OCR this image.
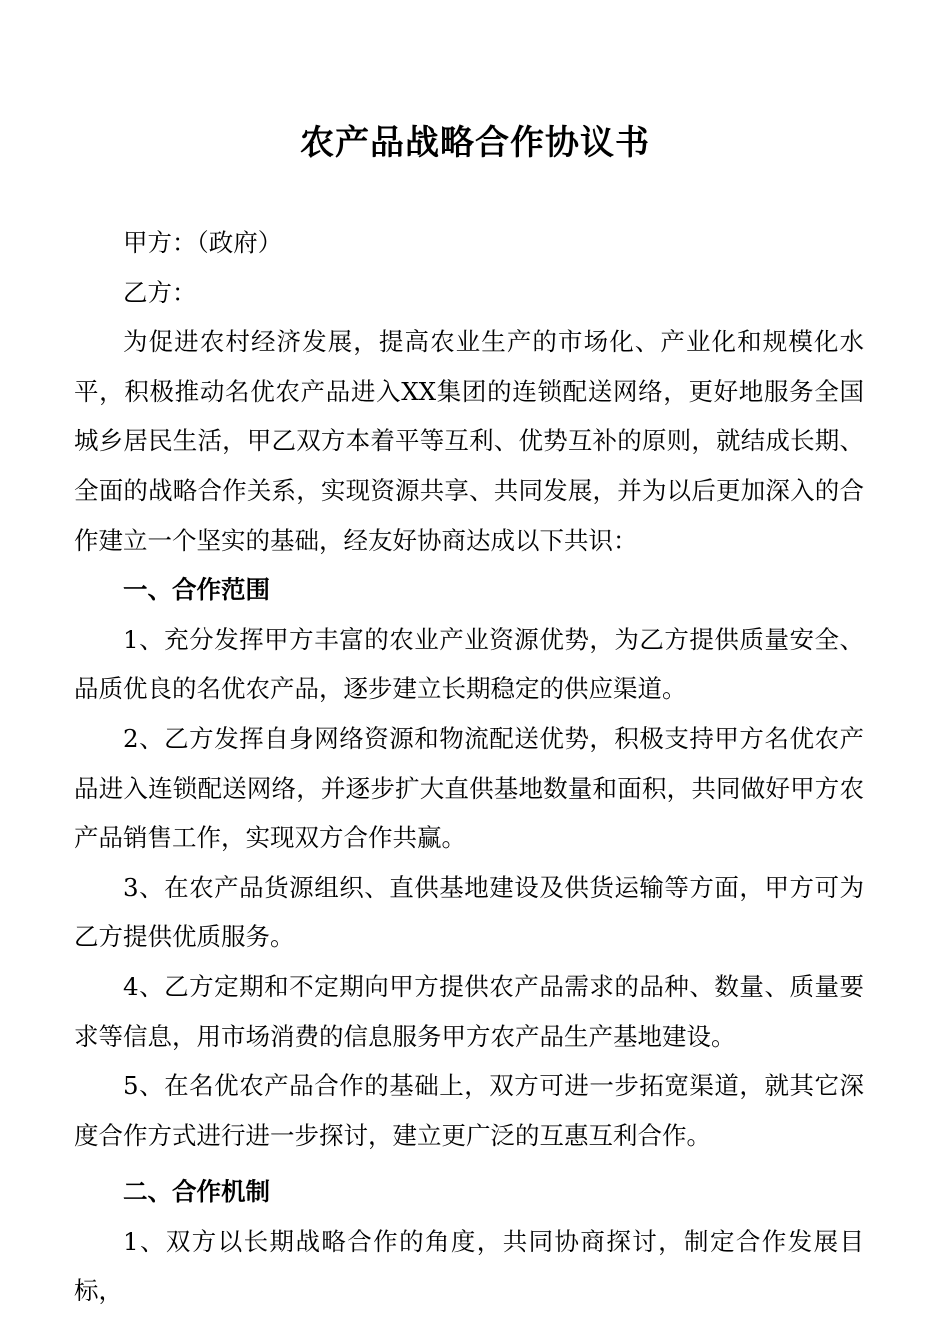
农产品战略合作协议书

甲方：（政府）

乙方：

为促进农村经济发展，提高农业生产的市场化、产业化和规模化水平，积极推动名优农产品进入XX集团的连锁配送网络，更好地服务全国城乡居民生活，甲乙双方本着平等互利、优势互补的原则，就结成长期、全面的战略合作关系，实现资源共享、共同发展，并为以后更加深入的合作建立一个坚实的基础，经友好协商达成以下共识：

一、合作范围

1、充分发挥甲方丰富的农业产业资源优势，为乙方提供质量安全、品质优良的名优农产品，逐步建立长期稳定的供应渠道。

2、乙方发挥自身网络资源和物流配送优势，积极支持甲方名优农产品进入连锁配送网络，并逐步扩大直供基地数量和面积，共同做好甲方农产品销售工作，实现双方合作共赢。

3、在农产品货源组织、直供基地建设及供货运输等方面，甲方可为乙方提供优质服务。

4、乙方定期和不定期向甲方提供农产品需求的品种、数量、质量要求等信息，用市场消费的信息服务甲方农产品生产基地建设。

5、在名优农产品合作的基础上，双方可进一步拓宽渠道，就其它深度合作方式进行进一步探讨，建立更广泛的互惠互利合作。

二、合作机制

1、双方以长期战略合作的角度，共同协商探讨，制定合作发展目标，
